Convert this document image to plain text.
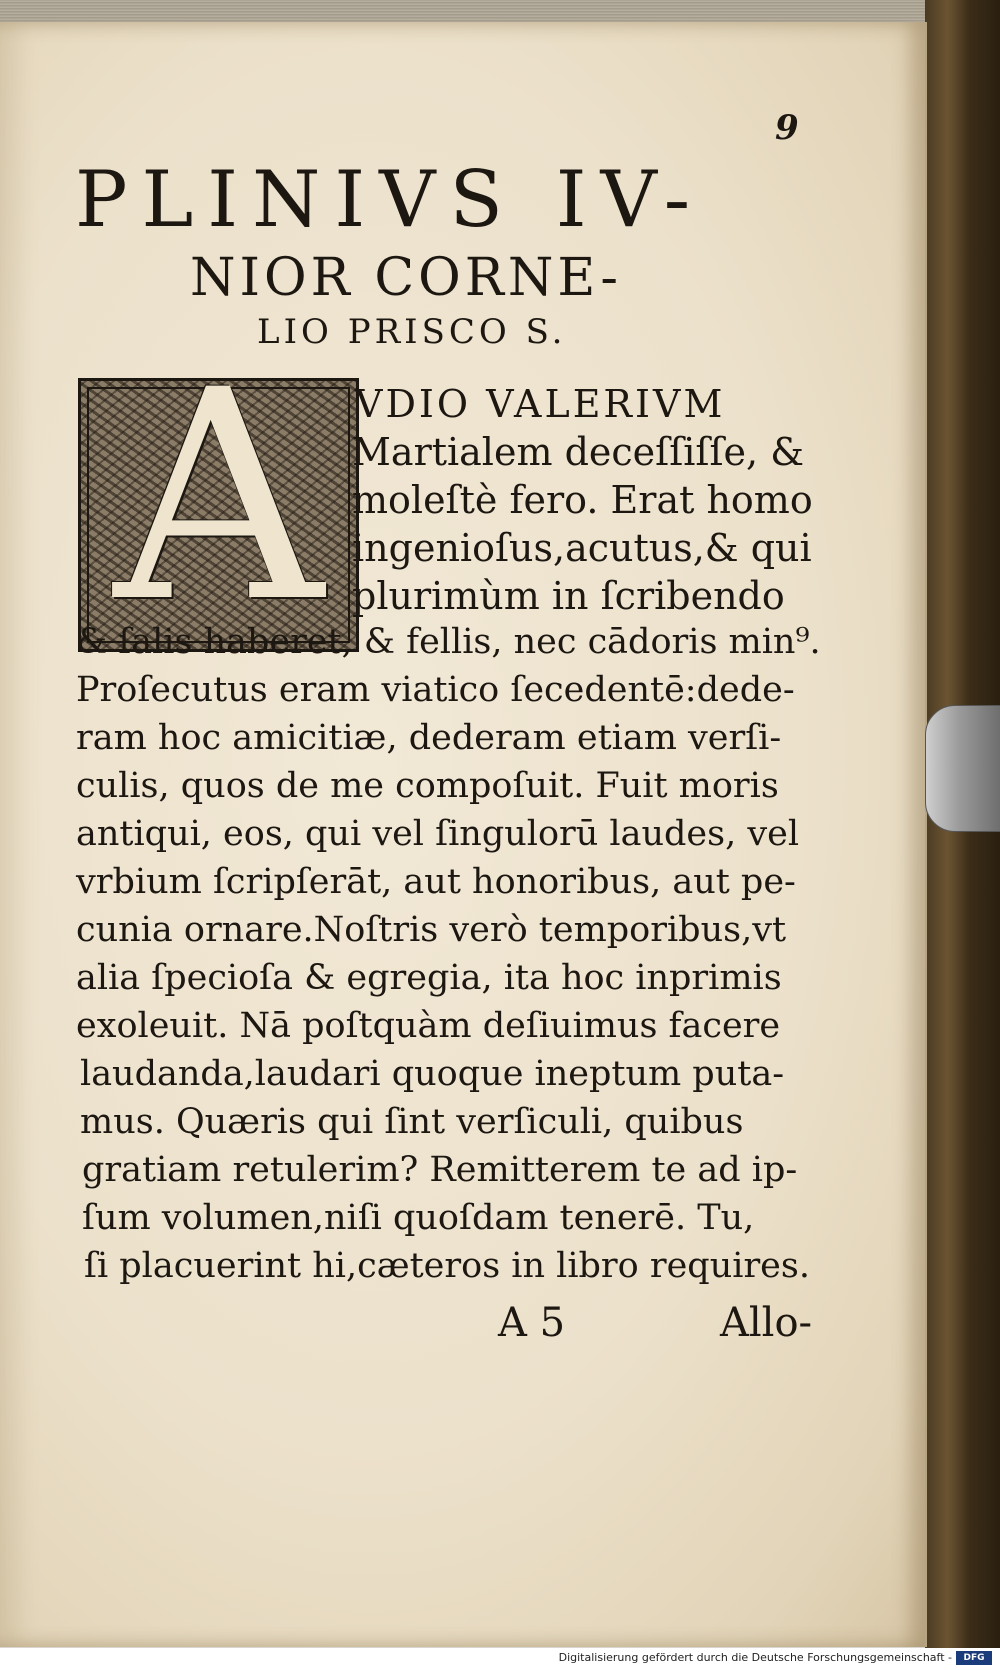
9
PLINIVS IV-
NIOR CORNE-
LIO PRISCO S.
A VDIO VALERIVM
Martialem deceſſiſſe, &
moleſtè fero. Erat homo
ingenioſus,acutus,& qui
plurimùm in ſcribendo
& ſalis haberet, & fellis, nec cādoris min⁹.
Proſecutus eram viatico ſecedentē:dede-
ram hoc amicitiæ, dederam etiam verſi-
culis, quos de me compoſuit. Fuit moris
antiqui, eos, qui vel ſingulorū laudes, vel
vrbium ſcripſerāt, aut honoribus, aut pe-
cunia ornare.Noſtris verò temporibus,vt
alia ſpecioſa & egregia, ita hoc inprimis
exoleuit. Nā poſtquàm deſiuimus facere
laudanda,laudari quoque ineptum puta-
mus. Quæris qui ſint verſiculi, quibus
gratiam retulerim? Remitterem te ad ip-
ſum volumen,niſi quoſdam tenerē. Tu,
ſi placuerint hi,cæteros in libro requires.
A 5	Allo-
Digitalisierung gefördert durch die Deutsche Forschungsgemeinschaft -	DFG
